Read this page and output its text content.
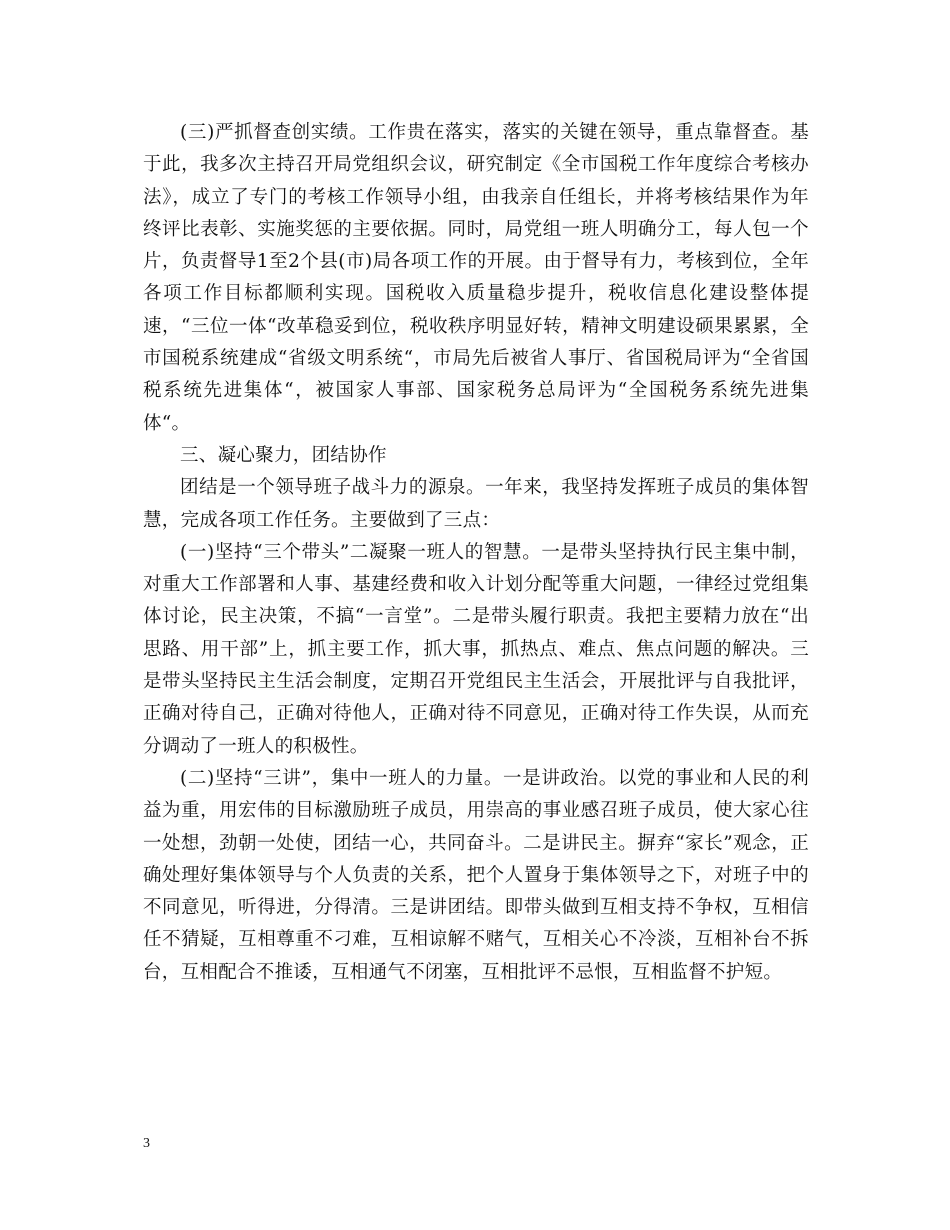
(三)严抓督查创实绩。工作贵在落实，落实的关键在领导，重点靠督查。基于此，我多次主持召开局党组织会议，研究制定《全市国税工作年度综合考核办法》，成立了专门的考核工作领导小组，由我亲自任组长，并将考核结果作为年终评比表彰、实施奖惩的主要依据。同时，局党组一班人明确分工，每人包一个片，负责督导1至2个县(市)局各项工作的开展。由于督导有力，考核到位，全年各项工作目标都顺利实现。国税收入质量稳步提升，税收信息化建设整体提速，“三位一体“改革稳妥到位，税收秩序明显好转，精神文明建设硕果累累，全市国税系统建成“省级文明系统“，市局先后被省人事厅、省国税局评为“全省国税系统先进集体“，被国家人事部、国家税务总局评为“全国税务系统先进集体“。

三、凝心聚力，团结协作

团结是一个领导班子战斗力的源泉。一年来，我坚持发挥班子成员的集体智慧，完成各项工作任务。主要做到了三点：

(一)坚持“三个带头”二凝聚一班人的智慧。一是带头坚持执行民主集中制，对重大工作部署和人事、基建经费和收入计划分配等重大问题，一律经过党组集体讨论，民主决策，不搞“一言堂”。二是带头履行职责。我把主要精力放在“出思路、用干部”上，抓主要工作，抓大事，抓热点、难点、焦点问题的解决。三是带头坚持民主生活会制度，定期召开党组民主生活会，开展批评与自我批评，正确对待自己，正确对待他人，正确对待不同意见，正确对待工作失误，从而充分调动了一班人的积极性。

(二)坚持“三讲”，集中一班人的力量。一是讲政治。以党的事业和人民的利益为重，用宏伟的目标激励班子成员，用崇高的事业感召班子成员，使大家心往一处想，劲朝一处使，团结一心，共同奋斗。二是讲民主。摒弃“家长”观念，正确处理好集体领导与个人负责的关系，把个人置身于集体领导之下，对班子中的不同意见，听得进，分得清。三是讲团结。即带头做到互相支持不争权，互相信任不猜疑，互相尊重不刁难，互相谅解不赌气，互相关心不冷淡，互相补台不拆台，互相配合不推诿，互相通气不闭塞，互相批评不忌恨，互相监督不护短。

3
